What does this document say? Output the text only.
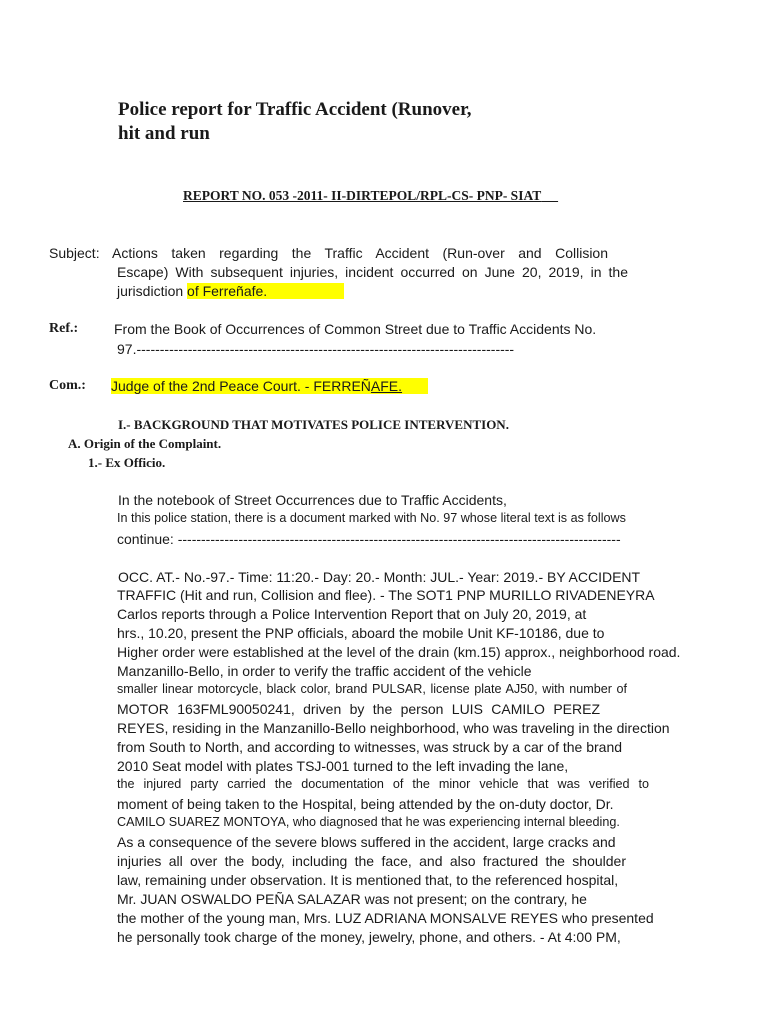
Police report for Traffic Accident (Runover,
hit and run
REPORT NO. 053 -2011- II-DIRTEPOL/RPL-CS- PNP- SIAT
Subject: Actions taken regarding the Traffic Accident (Run-over and Collision
Escape) With subsequent injuries, incident occurred on June 20, 2019, in the
jurisdiction of Ferreñafe.
Ref.:	From the Book of Occurrences of Common Street due to Traffic Accidents No.
97.---------------------------------------------------------------------------------
Com.: Judge of the 2nd Peace Court. - FERREÑAFE.
I.- BACKGROUND THAT MOTIVATES POLICE INTERVENTION.
A. Origin of the Complaint.
1.- Ex Officio.
In the notebook of Street Occurrences due to Traffic Accidents,
In this police station, there is a document marked with No. 97 whose literal text is as follows
continue: -----------------------------------------------------------------------------------------------
OCC. AT.- No.-97.- Time: 11:20.- Day: 20.- Month: JUL.- Year: 2019.- BY ACCIDENT
TRAFFIC (Hit and run, Collision and flee). - The SOT1 PNP MURILLO RIVADENEYRA
Carlos reports through a Police Intervention Report that on July 20, 2019, at
hrs., 10.20, present the PNP officials, aboard the mobile Unit KF-10186, due to
Higher order were established at the level of the drain (km.15) approx., neighborhood road.
Manzanillo-Bello, in order to verify the traffic accident of the vehicle
smaller linear motorcycle, black color, brand PULSAR, license plate AJ50, with number of
MOTOR 163FML90050241, driven by the person LUIS CAMILO PEREZ
REYES, residing in the Manzanillo-Bello neighborhood, who was traveling in the direction
from South to North, and according to witnesses, was struck by a car of the brand
2010 Seat model with plates TSJ-001 turned to the left invading the lane,
the injured party carried the documentation of the minor vehicle that was verified to
moment of being taken to the Hospital, being attended by the on-duty doctor, Dr.
CAMILO SUAREZ MONTOYA, who diagnosed that he was experiencing internal bleeding.
As a consequence of the severe blows suffered in the accident, large cracks and
injuries all over the body, including the face, and also fractured the shoulder
law, remaining under observation. It is mentioned that, to the referenced hospital,
Mr. JUAN OSWALDO PEÑA SALAZAR was not present; on the contrary, he
the mother of the young man, Mrs. LUZ ADRIANA MONSALVE REYES who presented
he personally took charge of the money, jewelry, phone, and others. - At 4:00 PM,
